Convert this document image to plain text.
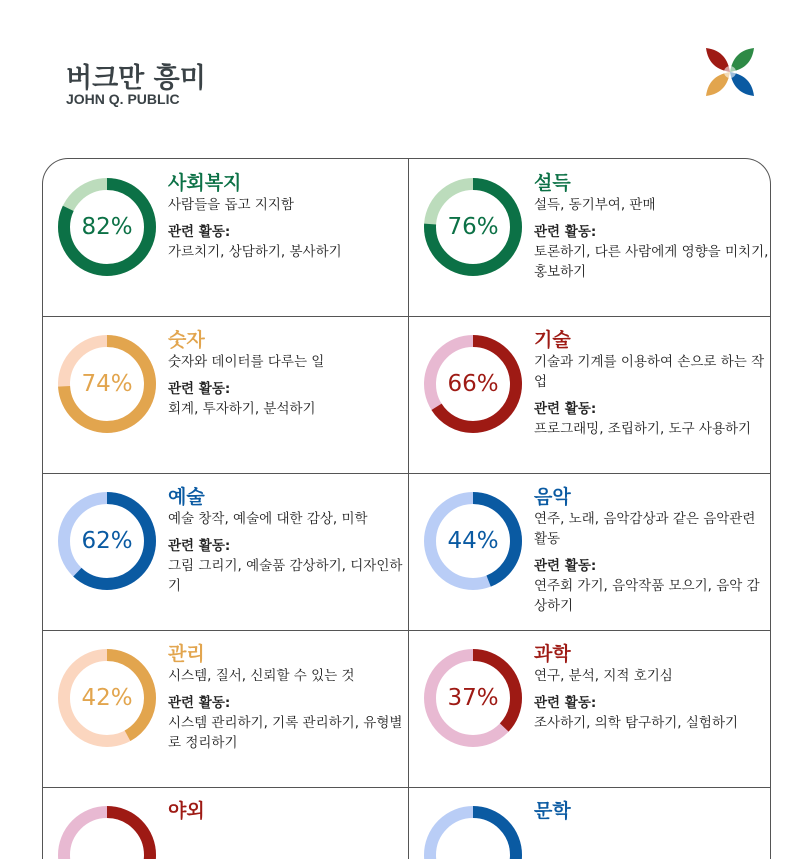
버크만 흥미
JOHN Q. PUBLIC
82%
사회복지
사람들을 돕고 지지함
관련 활동:
가르치기, 상담하기, 봉사하기
76%
설득
설득, 동기부여, 판매
관련 활동:
토론하기, 다른 사람에게 영향을 미치기, 홍보하기
74%
숫자
숫자와 데이터를 다루는 일
관련 활동:
회계, 투자하기, 분석하기
66%
기술
기술과 기계를 이용하여 손으로 하는 작업
관련 활동:
프로그래밍, 조립하기, 도구 사용하기
62%
예술
예술 창작, 예술에 대한 감상, 미학
관련 활동:
그림 그리기, 예술품 감상하기, 디자인하기
44%
음악
연주, 노래, 음악감상과 같은 음악관련 활동
관련 활동:
연주회 가기, 음악작품 모으기, 음악 감상하기
42%
관리
시스템, 질서, 신뢰할 수 있는 것
관련 활동:
시스템 관리하기, 기록 관리하기, 유형별로 정리하기
37%
과학
연구, 분석, 지적 호기심
관련 활동:
조사하기, 의학 탐구하기, 실험하기
야외	문학
